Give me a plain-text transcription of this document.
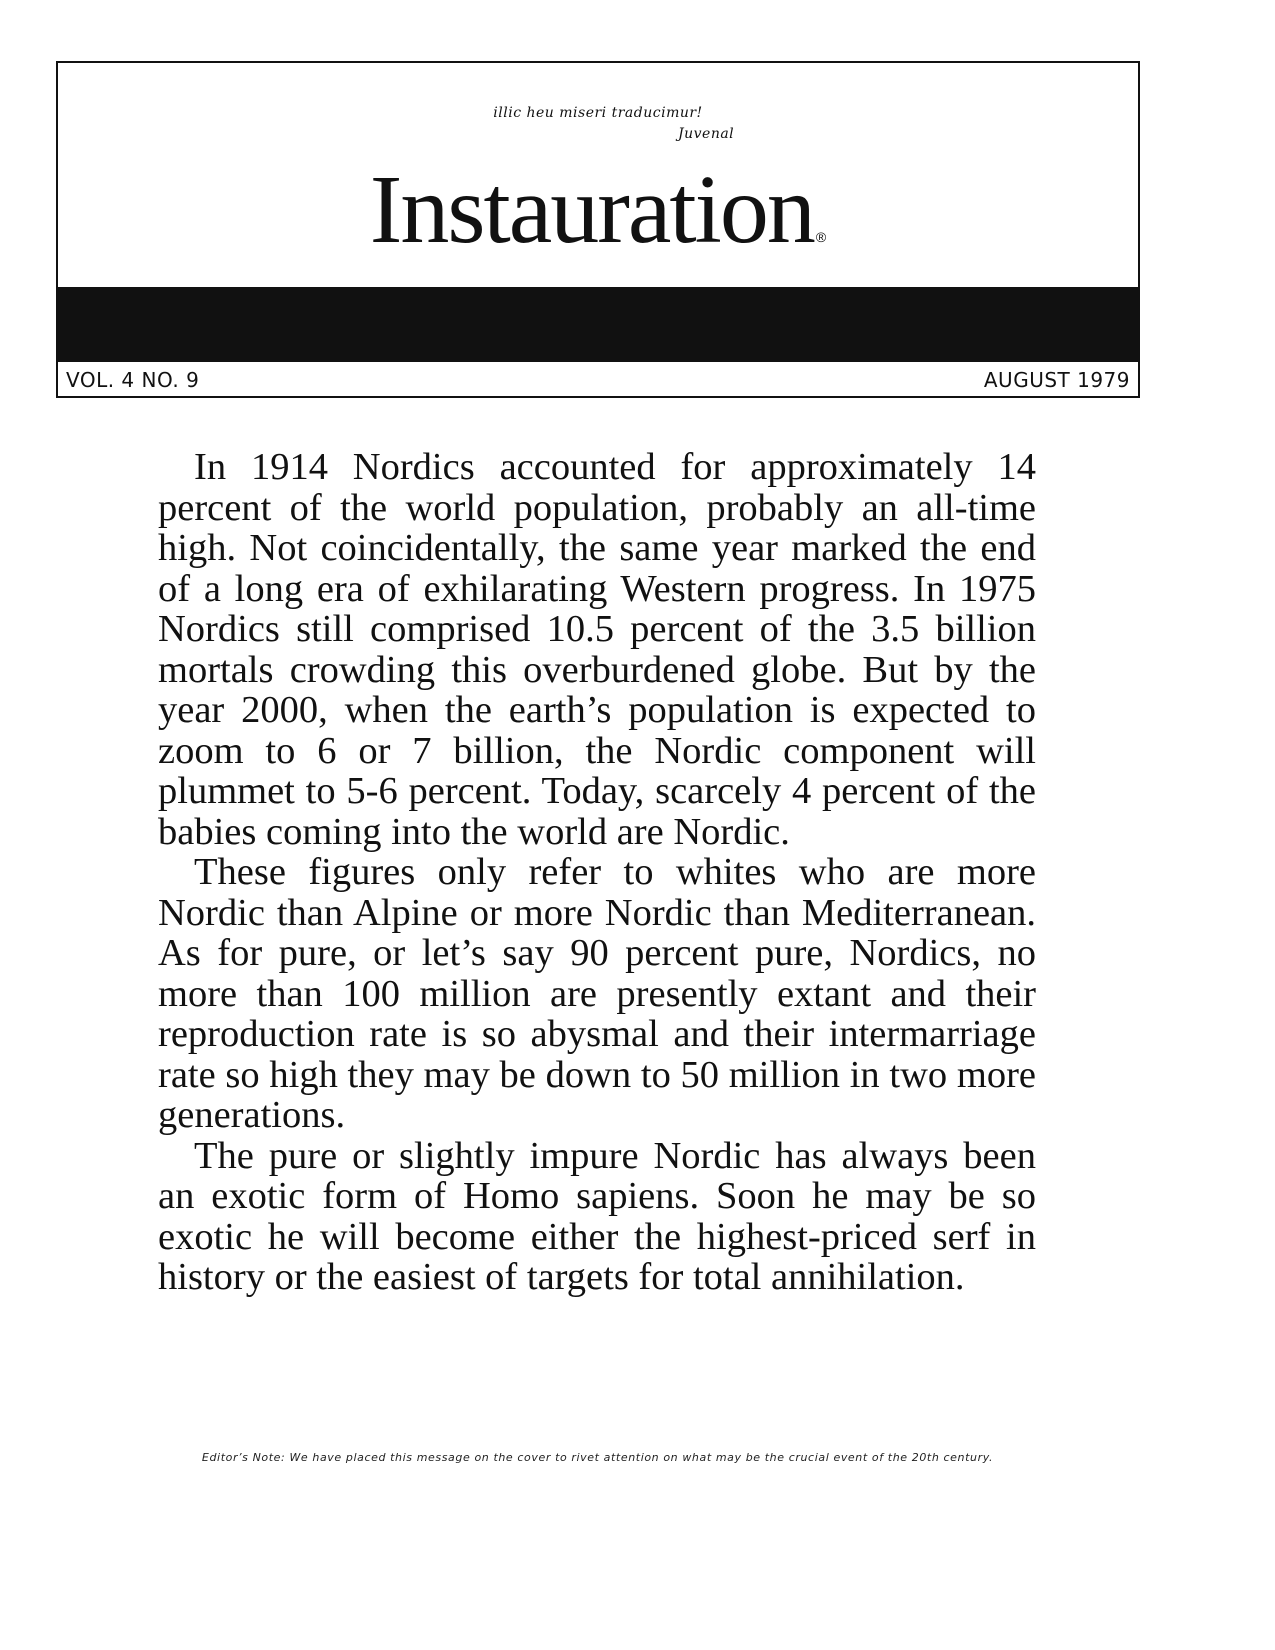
illic heu miseri traducimur!
Juvenal
Instauration ®
VOL. 4 NO. 9	AUGUST 1979

In 1914 Nordics accounted for approximately 14 percent of the world population, probably an all-time high. Not coincidentally, the same year marked the end of a long era of exhilarating Western progress. In 1975 Nordics still comprised 10.5 percent of the 3.5 billion mortals crowding this overburdened globe. But by the year 2000, when the earth’s population is expected to zoom to 6 or 7 billion, the Nordic component will plummet to 5-6 percent. Today, scarcely 4 percent of the babies coming into the world are Nordic.

These figures only refer to whites who are more Nordic than Alpine or more Nordic than Mediterranean. As for pure, or let’s say 90 percent pure, Nordics, no more than 100 million are presently extant and their reproduction rate is so abysmal and their intermarriage rate so high they may be down to 50 million in two more generations.

The pure or slightly impure Nordic has always been an exotic form of Homo sapiens. Soon he may be so exotic he will become either the highest-priced serf in history or the easiest of targets for total annihilation.

Editor’s Note: We have placed this message on the cover to rivet attention on what may be the crucial event of the 20th century.
